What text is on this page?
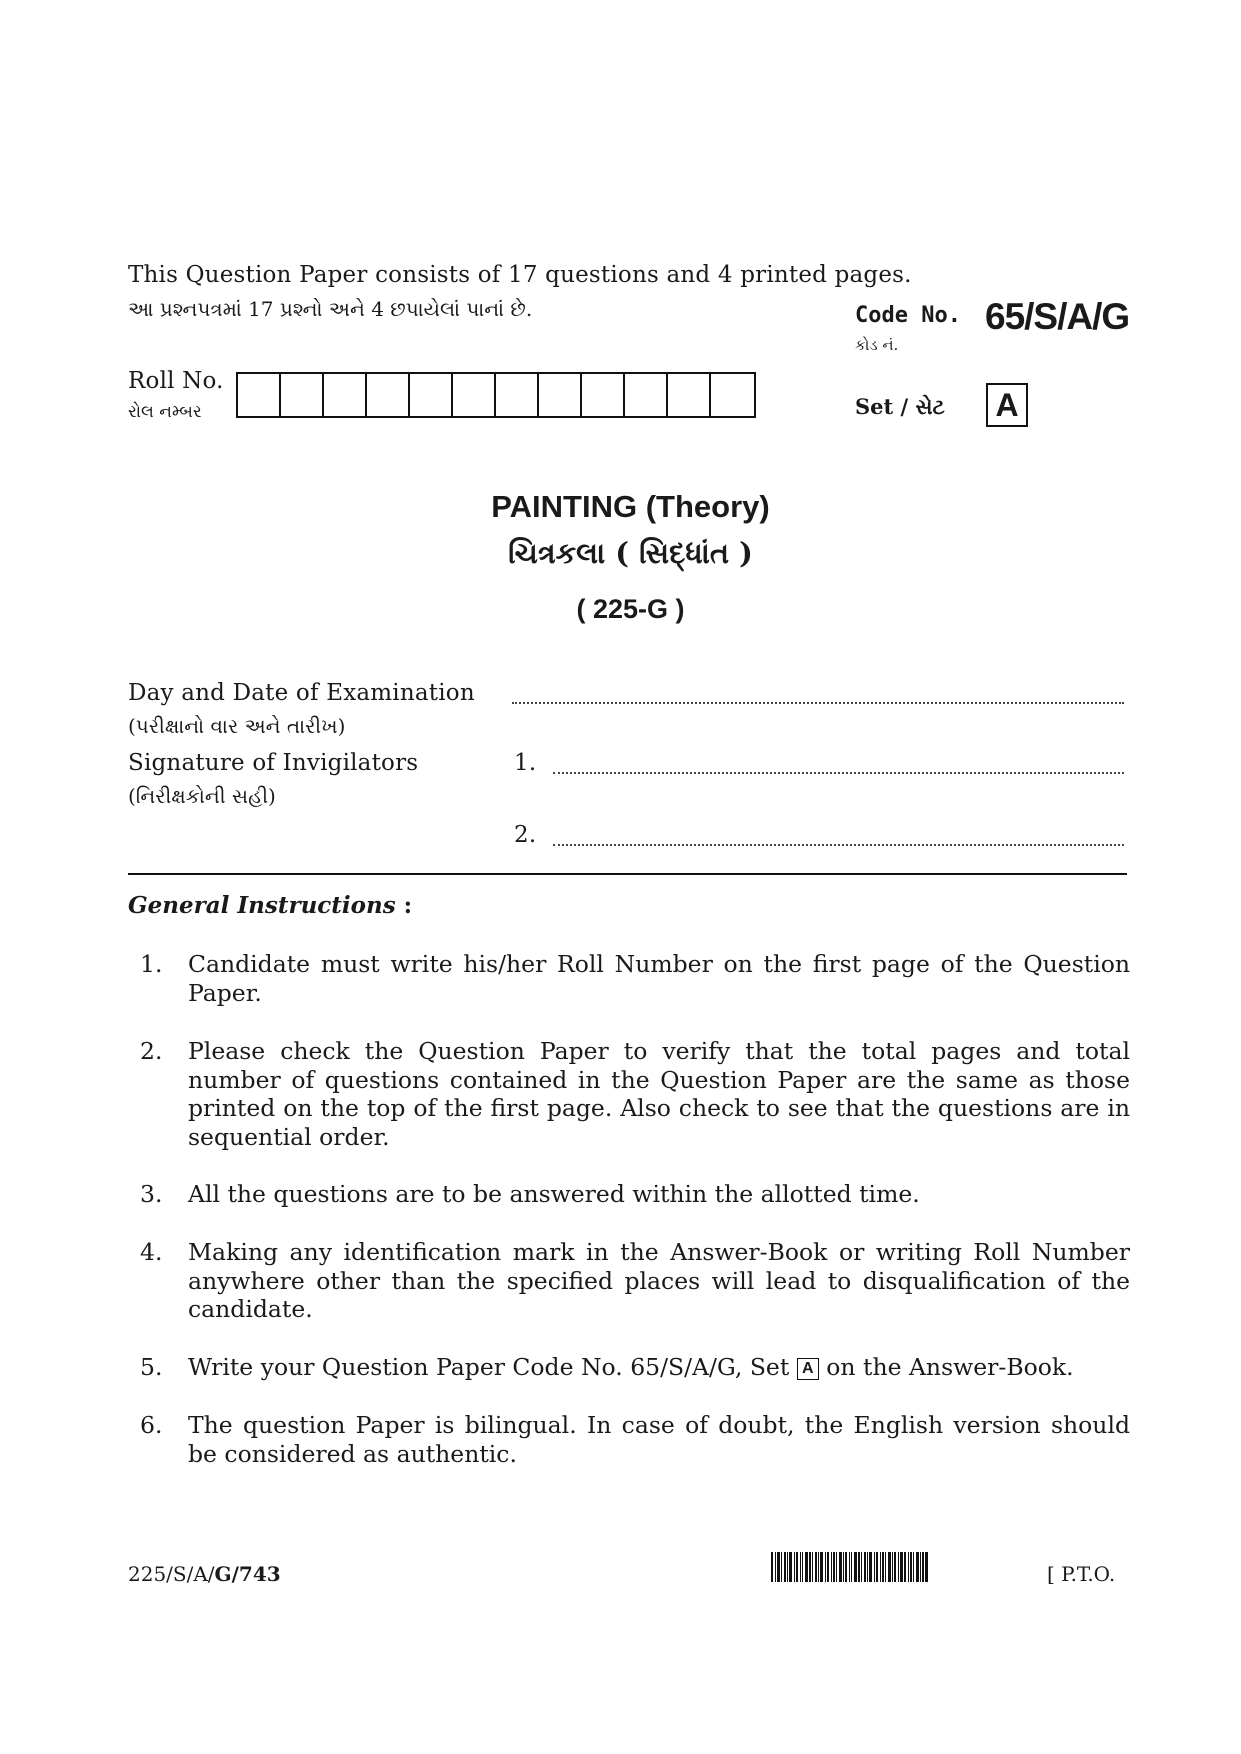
This Question Paper consists of 17 questions and 4 printed pages.
આ પ્રશ્નપત્રમાં 17 પ્રશ્નો અને 4 છપાયેલાં પાનાં છે.	Code No.
કોડ નં.
65/S/A/G
Roll No.
રોલ નમ્બર	Set / સેટ A
PAINTING (Theory)
ચિત્રકલા ( સિદ્ધાંત )
( 225-G )
Day and Date of Examination
(પરીક્ષાનો વાર અને તારીખ)
Signature of Invigilators
(નિરીક્ષકોની સહી)
1.
2.
General Instructions :
1.	Candidate must write his/her Roll Number on the first page of the Question Paper.
2.	Please check the Question Paper to verify that the total pages and total number of questions contained in the Question Paper are the same as those printed on the top of the first page. Also check to see that the questions are in sequential order.
3.	All the questions are to be answered within the allotted time.
4.	Making any identification mark in the Answer-Book or writing Roll Number anywhere other than the specified places will lead to disqualification of the candidate.
5.	Write your Question Paper Code No. 65/S/A/G, Set A on the Answer-Book.
6.	The question Paper is bilingual. In case of doubt, the English version should be considered as authentic.
225/S/A/G/743	[ P.T.O.
